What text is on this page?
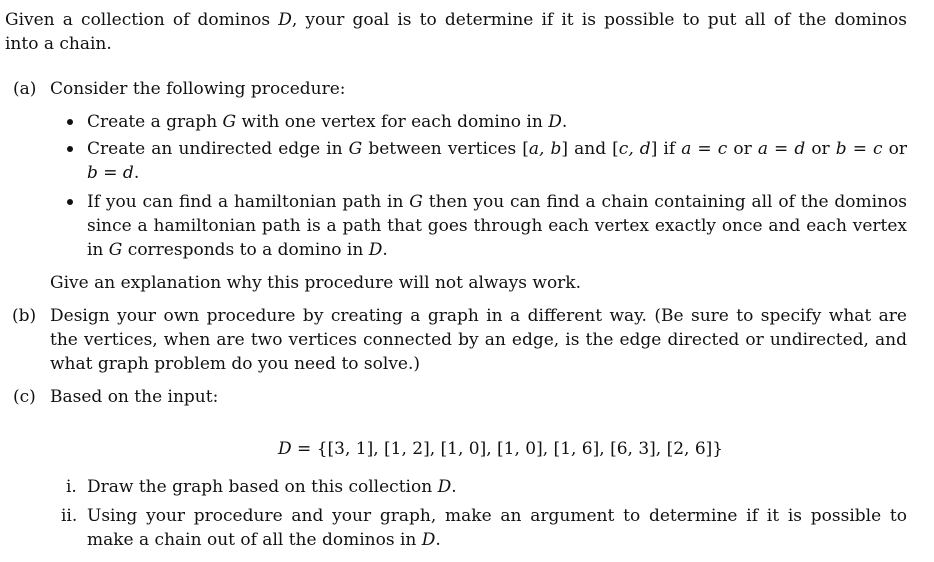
Given a collection of dominos D, your goal is to determine if it is possible to put all of the dominos
into a chain.
(a) Consider the following procedure:
Create a graph G with one vertex for each domino in D.
Create an undirected edge in G between vertices [a, b] and [c, d] if a = c or a = d or b = c or
b = d.
If you can find a hamiltonian path in G then you can find a chain containing all of the dominos
since a hamiltonian path is a path that goes through each vertex exactly once and each vertex
in G corresponds to a domino in D.
Give an explanation why this procedure will not always work.
(b) Design your own procedure by creating a graph in a different way. (Be sure to specify what are
the vertices, when are two vertices connected by an edge, is the edge directed or undirected, and
what graph problem do you need to solve.)
(c) Based on the input:
D = {[3, 1], [1, 2], [1, 0], [1, 0], [1, 6], [6, 3], [2, 6]}
i. Draw the graph based on this collection D.
ii. Using your procedure and your graph, make an argument to determine if it is possible to
make a chain out of all the dominos in D.
